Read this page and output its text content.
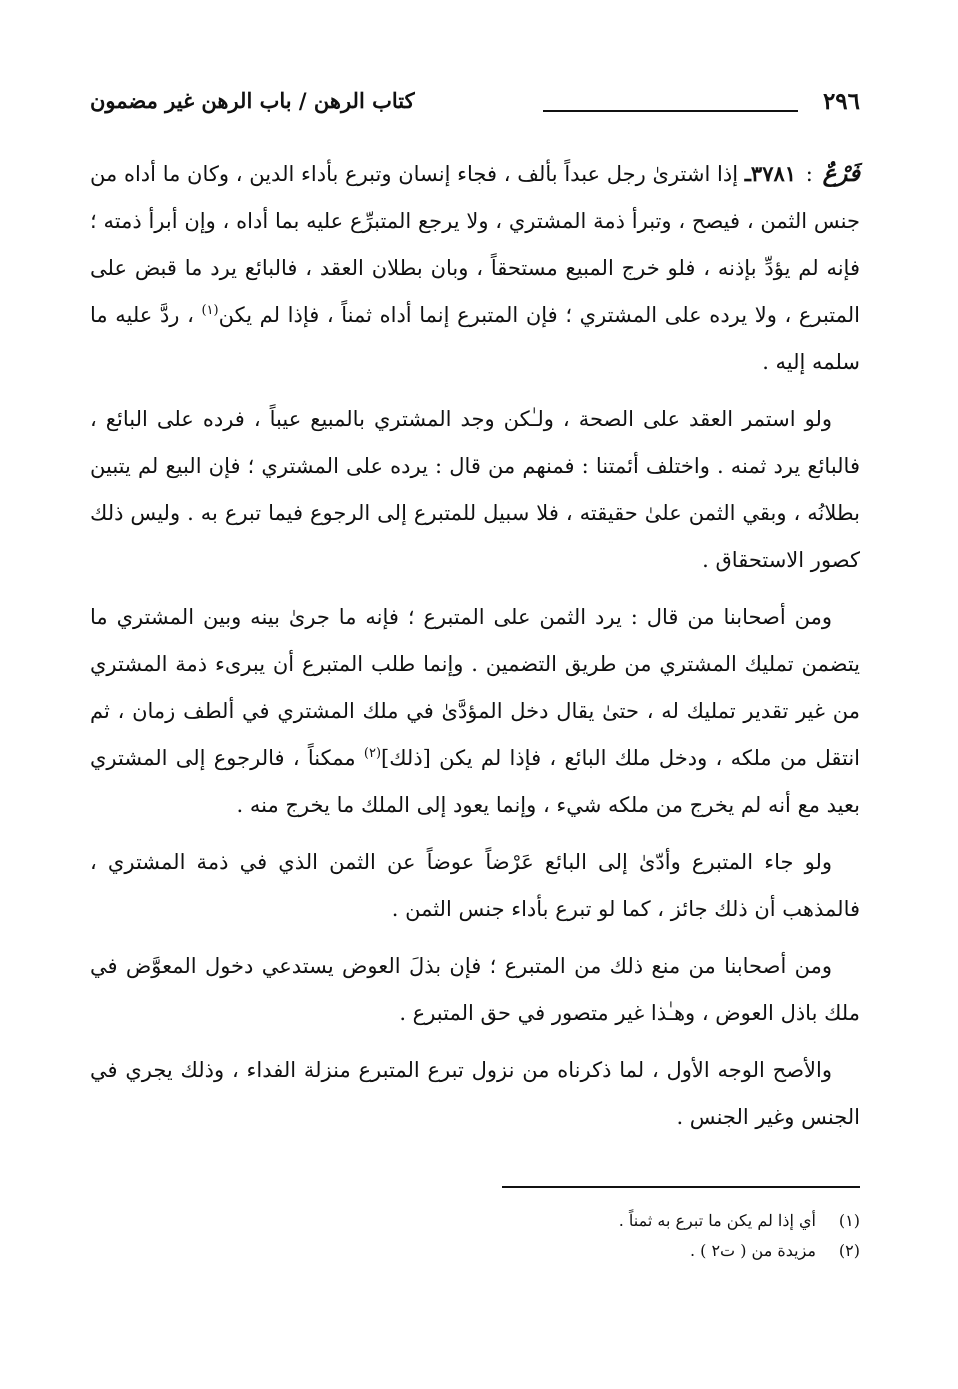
٢٩٦
كتاب الرهن / باب الرهن غير مضمون

فَرْعٌ : ٣٧٨١ـ إذا اشترىٰ رجل عبداً بألف ، فجاء إنسان وتبرع بأداء الدين ، وكان ما أداه من جنس الثمن ، فيصح ، وتبرأ ذمة المشتري ، ولا يرجع المتبرِّع عليه بما أداه ، وإن أبرأ ذمته ؛ فإنه لم يؤدِّ بإذنه ، فلو خرج المبيع مستحقاً ، وبان بطلان العقد ، فالبائع يرد ما قبض على المتبرع ، ولا يرده على المشتري ؛ فإن المتبرع إنما أداه ثمناً ، فإذا لم يكن$^{(١)}$ ، ردَّ عليه ما سلمه إليه .

ولو استمر العقد على الصحة ، ولـٰكن وجد المشتري بالمبيع عيباً ، فرده على البائع ، فالبائع يرد ثمنه . واختلف أئمتنا : فمنهم من قال : يرده على المشتري ؛ فإن البيع لم يتبين بطلانُه ، وبقي الثمن علىٰ حقيقته ، فلا سبيل للمتبرع إلى الرجوع فيما تبرع به . وليس ذلك كصور الاستحقاق .

ومن أصحابنا من قال : يرد الثمن على المتبرع ؛ فإنه ما جرىٰ بينه وبين المشتري ما يتضمن تمليك المشتري من طريق التضمين . وإنما طلب المتبرع أن يبرىء ذمة المشتري من غير تقدير تمليك له ، حتىٰ يقال دخل المؤدَّىٰ في ملك المشتري في ألطف زمان ، ثم انتقل من ملكه ، ودخل ملك البائع ، فإذا لم يكن [ذلك]$^{(٢)}$ ممكناً ، فالرجوع إلى المشتري بعيد مع أنه لم يخرج من ملكه شيء ، وإنما يعود إلى الملك ما يخرج منه .

ولو جاء المتبرع وأدّىٰ إلى البائع عَرْضاً عوضاً عن الثمن الذي في ذمة المشتري ، فالمذهب أن ذلك جائز ، كما لو تبرع بأداء جنس الثمن .

ومن أصحابنا من منع ذلك من المتبرع ؛ فإن بذلَ العوض يستدعي دخول المعوَّض في ملك باذل العوض ، وهـٰذا غير متصور في حق المتبرع .

والأصح الوجه الأول ، لما ذكرناه من نزول تبرع المتبرع منزلة الفداء ، وذلك يجري في الجنس وغير الجنس .

(١)أي إذا لم يكن ما تبرع به ثمناً .
(٢)مزيدة من ( ت٢ ) .
